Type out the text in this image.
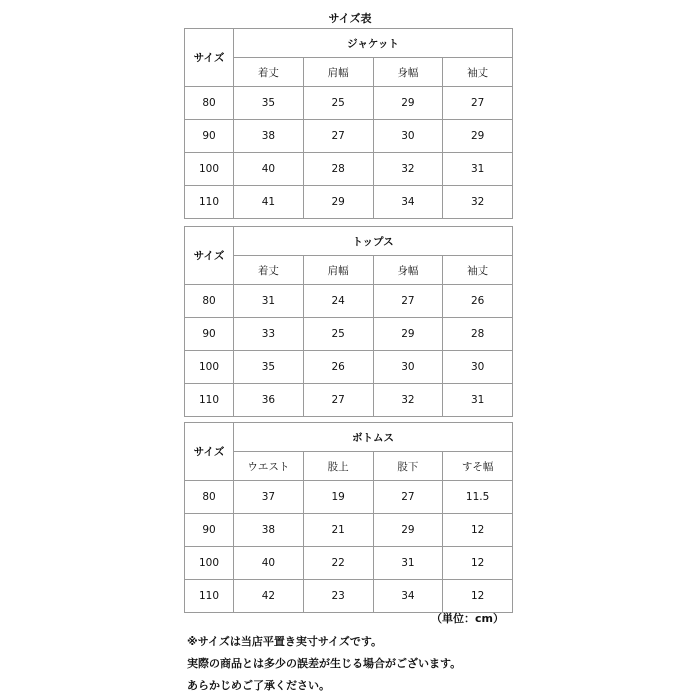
サイズ表
サイズ	ジャケット			
	着丈	肩幅	身幅	袖丈
80	35	25	29	27
90	38	27	30	29
100	40	28	32	31
110	41	29	34	32
サイズ	トップス			
	着丈	肩幅	身幅	袖丈
80	31	24	27	26
90	33	25	29	28
100	35	26	30	30
110	36	27	32	31
サイズ	ボトムス			
	ウエスト	股上	股下	すそ幅
80	37	19	27	11.5
90	38	21	29	12
100	40	22	31	12
110	42	23	34	12
（単位：cm）
※サイズは当店平置き実寸サイズです。
実際の商品とは多少の誤差が生じる場合がございます。
あらかじめご了承ください。
